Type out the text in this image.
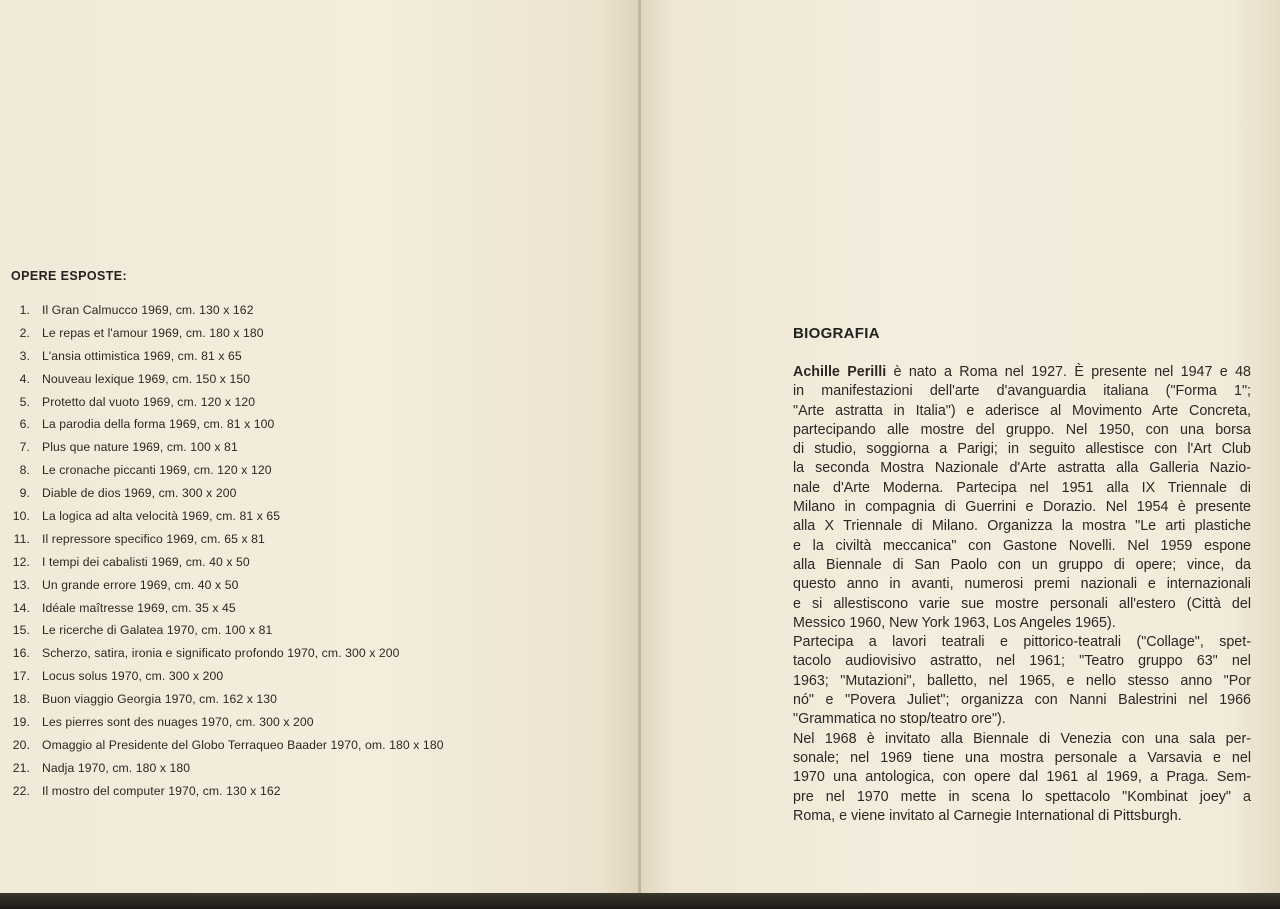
OPERE ESPOSTE:
1. Il Gran Calmucco 1969, cm. 130 x 162
2. Le repas et l'amour 1969, cm. 180 x 180
3. L'ansia ottimistica 1969, cm. 81 x 65
4. Nouveau lexique 1969, cm. 150 x 150
5. Protetto dal vuoto 1969, cm. 120 x 120
6. La parodia della forma 1969, cm. 81 x 100
7. Plus que nature 1969, cm. 100 x 81
8. Le cronache piccanti 1969, cm. 120 x 120
9. Diable de dios 1969, cm. 300 x 200
10. La logica ad alta velocità 1969, cm. 81 x 65
11. Il repressore specifico 1969, cm. 65 x 81
12. I tempi dei cabalisti 1969, cm. 40 x 50
13. Un grande errore 1969, cm. 40 x 50
14. Idéale maîtresse 1969, cm. 35 x 45
15. Le ricerche di Galatea 1970, cm. 100 x 81
16. Scherzo, satira, ironia e significato profondo 1970, cm. 300 x 200
17. Locus solus 1970, cm. 300 x 200
18. Buon viaggio Georgia 1970, cm. 162 x 130
19. Les pierres sont des nuages 1970, cm. 300 x 200
20. Omaggio al Presidente del Globo Terraqueo Baader 1970, om. 180 x 180
21. Nadja 1970, cm. 180 x 180
22. Il mostro del computer 1970, cm. 130 x 162
BIOGRAFIA
Achille Perilli è nato a Roma nel 1927. È presente nel 1947 e 48
in manifestazioni dell'arte d'avanguardia italiana ("Forma 1";
"Arte astratta in Italia") e aderisce al Movimento Arte Concreta,
partecipando alle mostre del gruppo. Nel 1950, con una borsa
di studio, soggiorna a Parigi; in seguito allestisce con l'Art Club
la seconda Mostra Nazionale d'Arte astratta alla Galleria Nazio-
nale d'Arte Moderna. Partecipa nel 1951 alla IX Triennale di
Milano in compagnia di Guerrini e Dorazio. Nel 1954 è presente
alla X Triennale di Milano. Organizza la mostra "Le arti plastiche
e la civiltà meccanica" con Gastone Novelli. Nel 1959 espone
alla Biennale di San Paolo con un gruppo di opere; vince, da
questo anno in avanti, numerosi premi nazionali e internazionali
e si allestiscono varie sue mostre personali all'estero (Città del
Messico 1960, New York 1963, Los Angeles 1965).
Partecipa a lavori teatrali e pittorico-teatrali ("Collage", spet-
tacolo audiovisivo astratto, nel 1961; "Teatro gruppo 63" nel
1963; "Mutazioni", balletto, nel 1965, e nello stesso anno "Por
nó" e "Povera Juliet"; organizza con Nanni Balestrini nel 1966
"Grammatica no stop/teatro ore").
Nel 1968 è invitato alla Biennale di Venezia con una sala per-
sonale; nel 1969 tiene una mostra personale a Varsavia e nel
1970 una antologica, con opere dal 1961 al 1969, a Praga. Sem-
pre nel 1970 mette in scena lo spettacolo "Kombinat joey" a
Roma, e viene invitato al Carnegie International di Pittsburgh.
